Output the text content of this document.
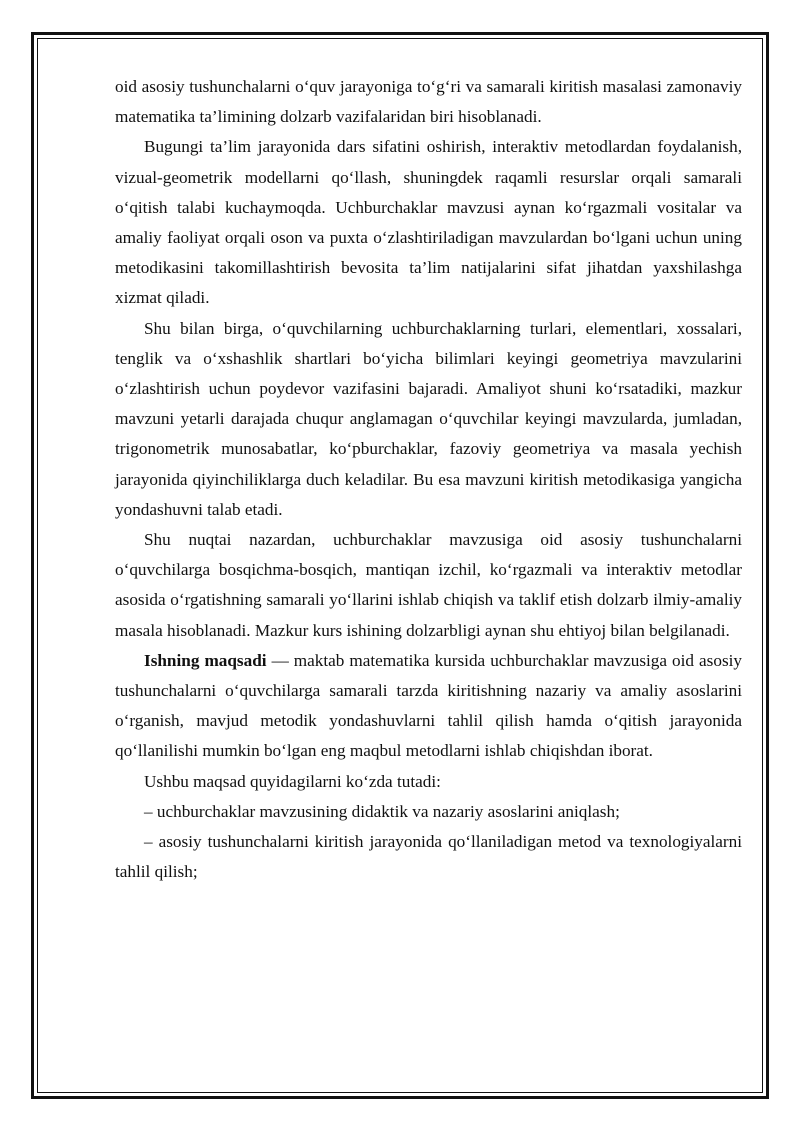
oid asosiy tushunchalarni o‘quv jarayoniga to‘g‘ri va samarali kiritish masalasi zamonaviy matematika ta’limining dolzarb vazifalaridan biri hisoblanadi.

Bugungi ta’lim jarayonida dars sifatini oshirish, interaktiv metodlardan foydalanish, vizual-geometrik modellarni qo‘llash, shuningdek raqamli resurslar orqali samarali o‘qitish talabi kuchaymoqda. Uchburchaklar mavzusi aynan ko‘rgazmali vositalar va amaliy faoliyat orqali oson va puxta o‘zlashtiriladigan mavzulardan bo‘lgani uchun uning metodikasini takomillashtirish bevosita ta’lim natijalarini sifat jihatdan yaxshilashga xizmat qiladi.

Shu bilan birga, o‘quvchilarning uchburchaklarning turlari, elementlari, xossalari, tenglik va o‘xshashlik shartlari bo‘yicha bilimlari keyingi geometriya mavzularini o‘zlashtirish uchun poydevor vazifasini bajaradi. Amaliyot shuni ko‘rsatadiki, mazkur mavzuni yetarli darajada chuqur anglamagan o‘quvchilar keyingi mavzularda, jumladan, trigonometrik munosabatlar, ko‘pburchaklar, fazoviy geometriya va masala yechish jarayonida qiyinchiliklarga duch keladilar. Bu esa mavzuni kiritish metodikasiga yangicha yondashuvni talab etadi.

Shu nuqtai nazardan, uchburchaklar mavzusiga oid asosiy tushunchalarni o‘quvchilarga bosqichma-bosqich, mantiqan izchil, ko‘rgazmali va interaktiv metodlar asosida o‘rgatishning samarali yo‘llarini ishlab chiqish va taklif etish dolzarb ilmiy-amaliy masala hisoblanadi. Mazkur kurs ishining dolzarbligi aynan shu ehtiyoj bilan belgilanadi.

Ishning maqsadi — maktab matematika kursida uchburchaklar mavzusiga oid asosiy tushunchalarni o‘quvchilarga samarali tarzda kiritishning nazariy va amaliy asoslarini o‘rganish, mavjud metodik yondashuvlarni tahlil qilish hamda o‘qitish jarayonida qo‘llanilishi mumkin bo‘lgan eng maqbul metodlarni ishlab chiqishdan iborat.

Ushbu maqsad quyidagilarni ko‘zda tutadi:

– uchburchaklar mavzusining didaktik va nazariy asoslarini aniqlash;

– asosiy tushunchalarni kiritish jarayonida qo‘llaniladigan metod va texnologiyalarni tahlil qilish;
